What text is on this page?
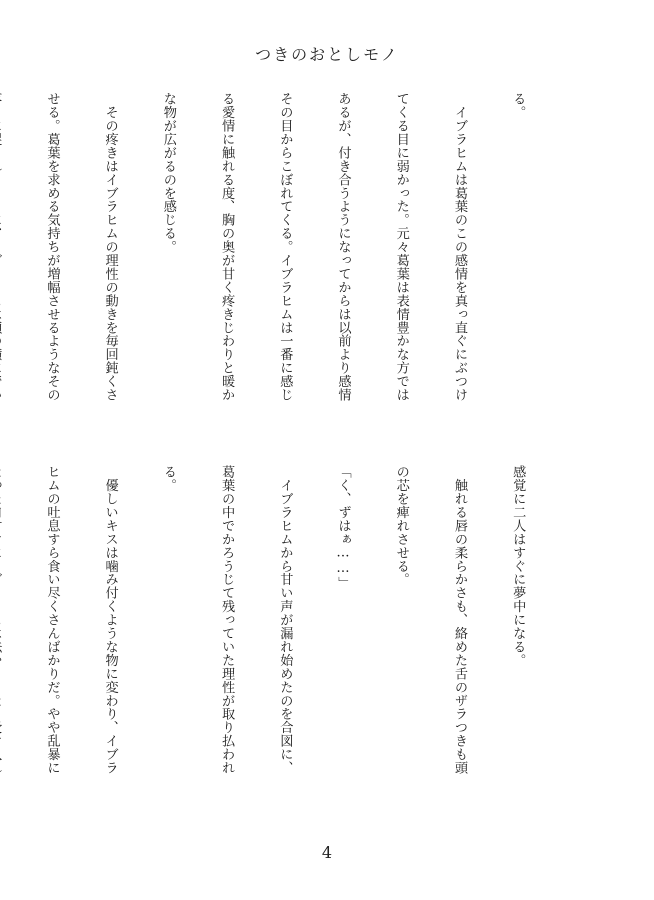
つきのおとしモノ

る。

　イブラヒムは葛葉のこの感情を真っ直ぐにぶつけ

てくる目に弱かった。元々葛葉は表情豊かな方では

あるが、付き合うようになってからは以前より感情

その目からこぼれてくる。イブラヒムは一番に感じ

る愛情に触れる度、胸の奥が甘く疼きじわりと暖か

な物が広がるのを感じる。

　その疼きはイブラヒムの理性の動きを毎回鈍くさ

せる。葛葉を求める気持ちが増幅させるようなその

感覚に二人はすぐに夢中になる。

　触れる唇の柔らかさも、絡めた舌のザラつきも頭

の芯を痺れさせる。

「く、ずはぁ……」

　イブラヒムから甘い声が漏れ始めたのを合図に、

葛葉の中でかろうじて残っていた理性が取り払われ

る。

　優しいキスは噛み付くような物に変わり、イブラ

ヒムの吐息すら食い尽くさんばかりだ。やや乱暴に

4
